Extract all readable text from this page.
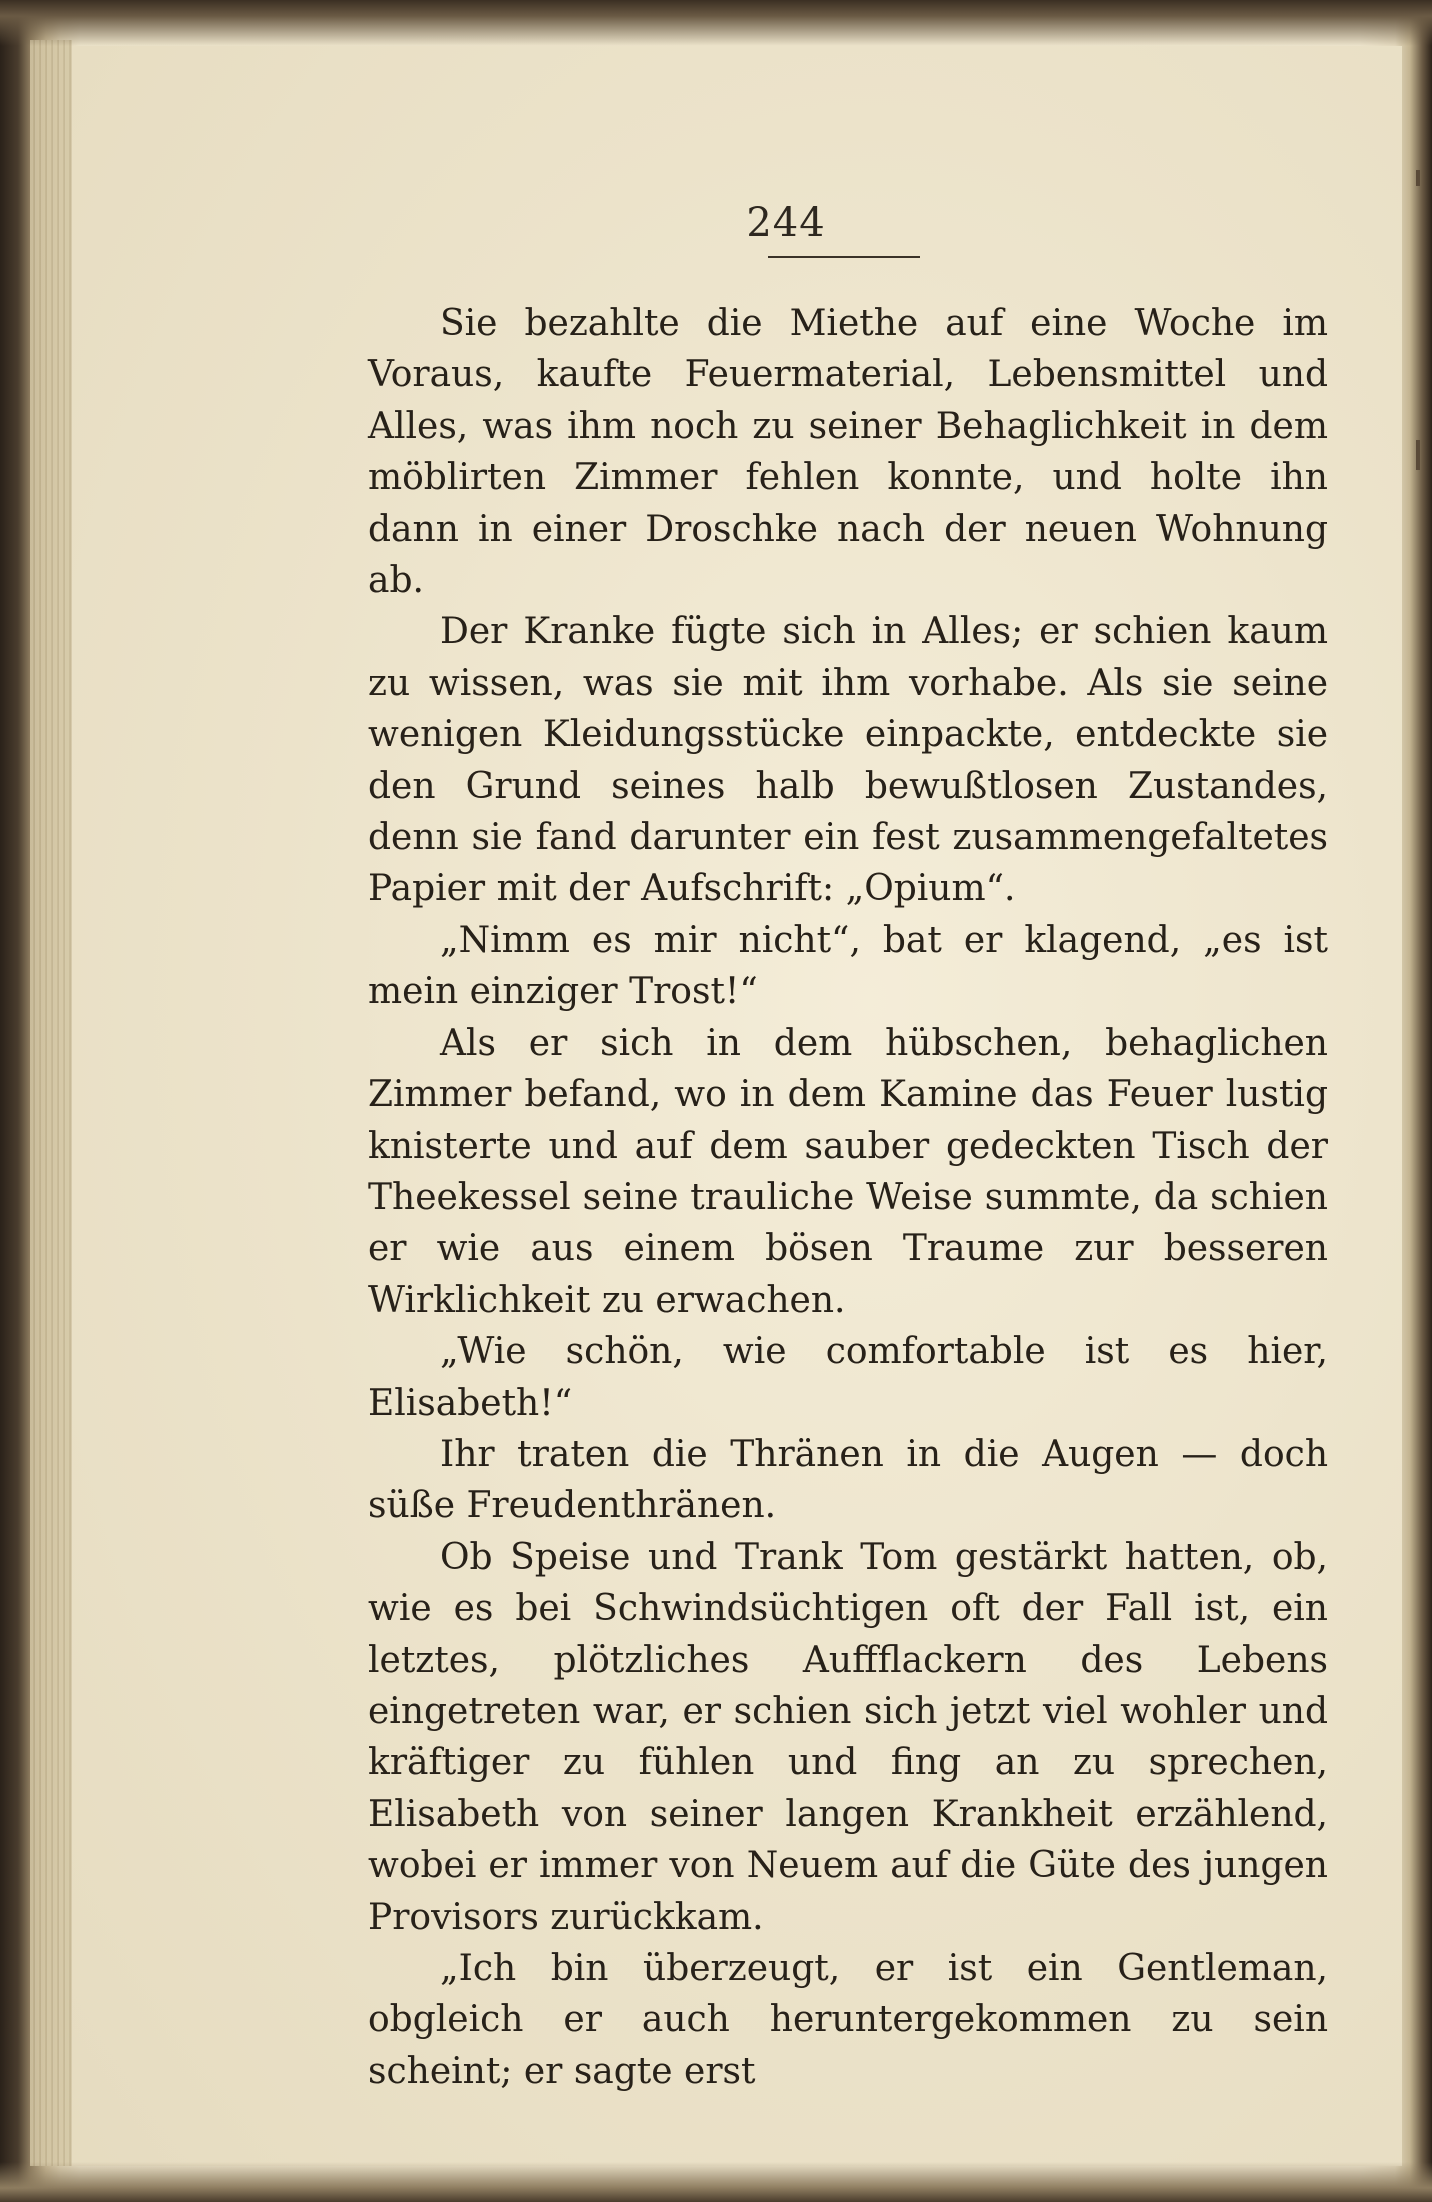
244

Sie bezahlte die Miethe auf eine Woche im Voraus, kaufte Feuermaterial, Lebensmittel und Alles, was ihm noch zu seiner Behaglichkeit in dem möblirten Zimmer fehlen konnte, und holte ihn dann in einer Droschke nach der neuen Wohnung ab.

Der Kranke fügte sich in Alles; er schien kaum zu wissen, was sie mit ihm vorhabe. Als sie seine wenigen Kleidungsstücke einpackte, entdeckte sie den Grund seines halb bewußtlosen Zustandes, denn sie fand darunter ein fest zusammengefaltetes Papier mit der Aufschrift: „Opium“.

„Nimm es mir nicht“, bat er klagend, „es ist mein einziger Trost!“

Als er sich in dem hübschen, behaglichen Zimmer befand, wo in dem Kamine das Feuer lustig knisterte und auf dem sauber gedeckten Tisch der Theekessel seine trauliche Weise summte, da schien er wie aus einem bösen Traume zur besseren Wirklichkeit zu erwachen.

„Wie schön, wie comfortable ist es hier, Elisabeth!“

Ihr traten die Thränen in die Augen — doch süße Freudenthränen.

Ob Speise und Trank Tom gestärkt hatten, ob, wie es bei Schwindsüchtigen oft der Fall ist, ein letztes, plötzliches Auffflackern des Lebens eingetreten war, er schien sich jetzt viel wohler und kräftiger zu fühlen und fing an zu sprechen, Elisabeth von seiner langen Krankheit erzählend, wobei er immer von Neuem auf die Güte des jungen Provisors zurückkam.

„Ich bin überzeugt, er ist ein Gentleman, obgleich er auch heruntergekommen zu sein scheint; er sagte erst
